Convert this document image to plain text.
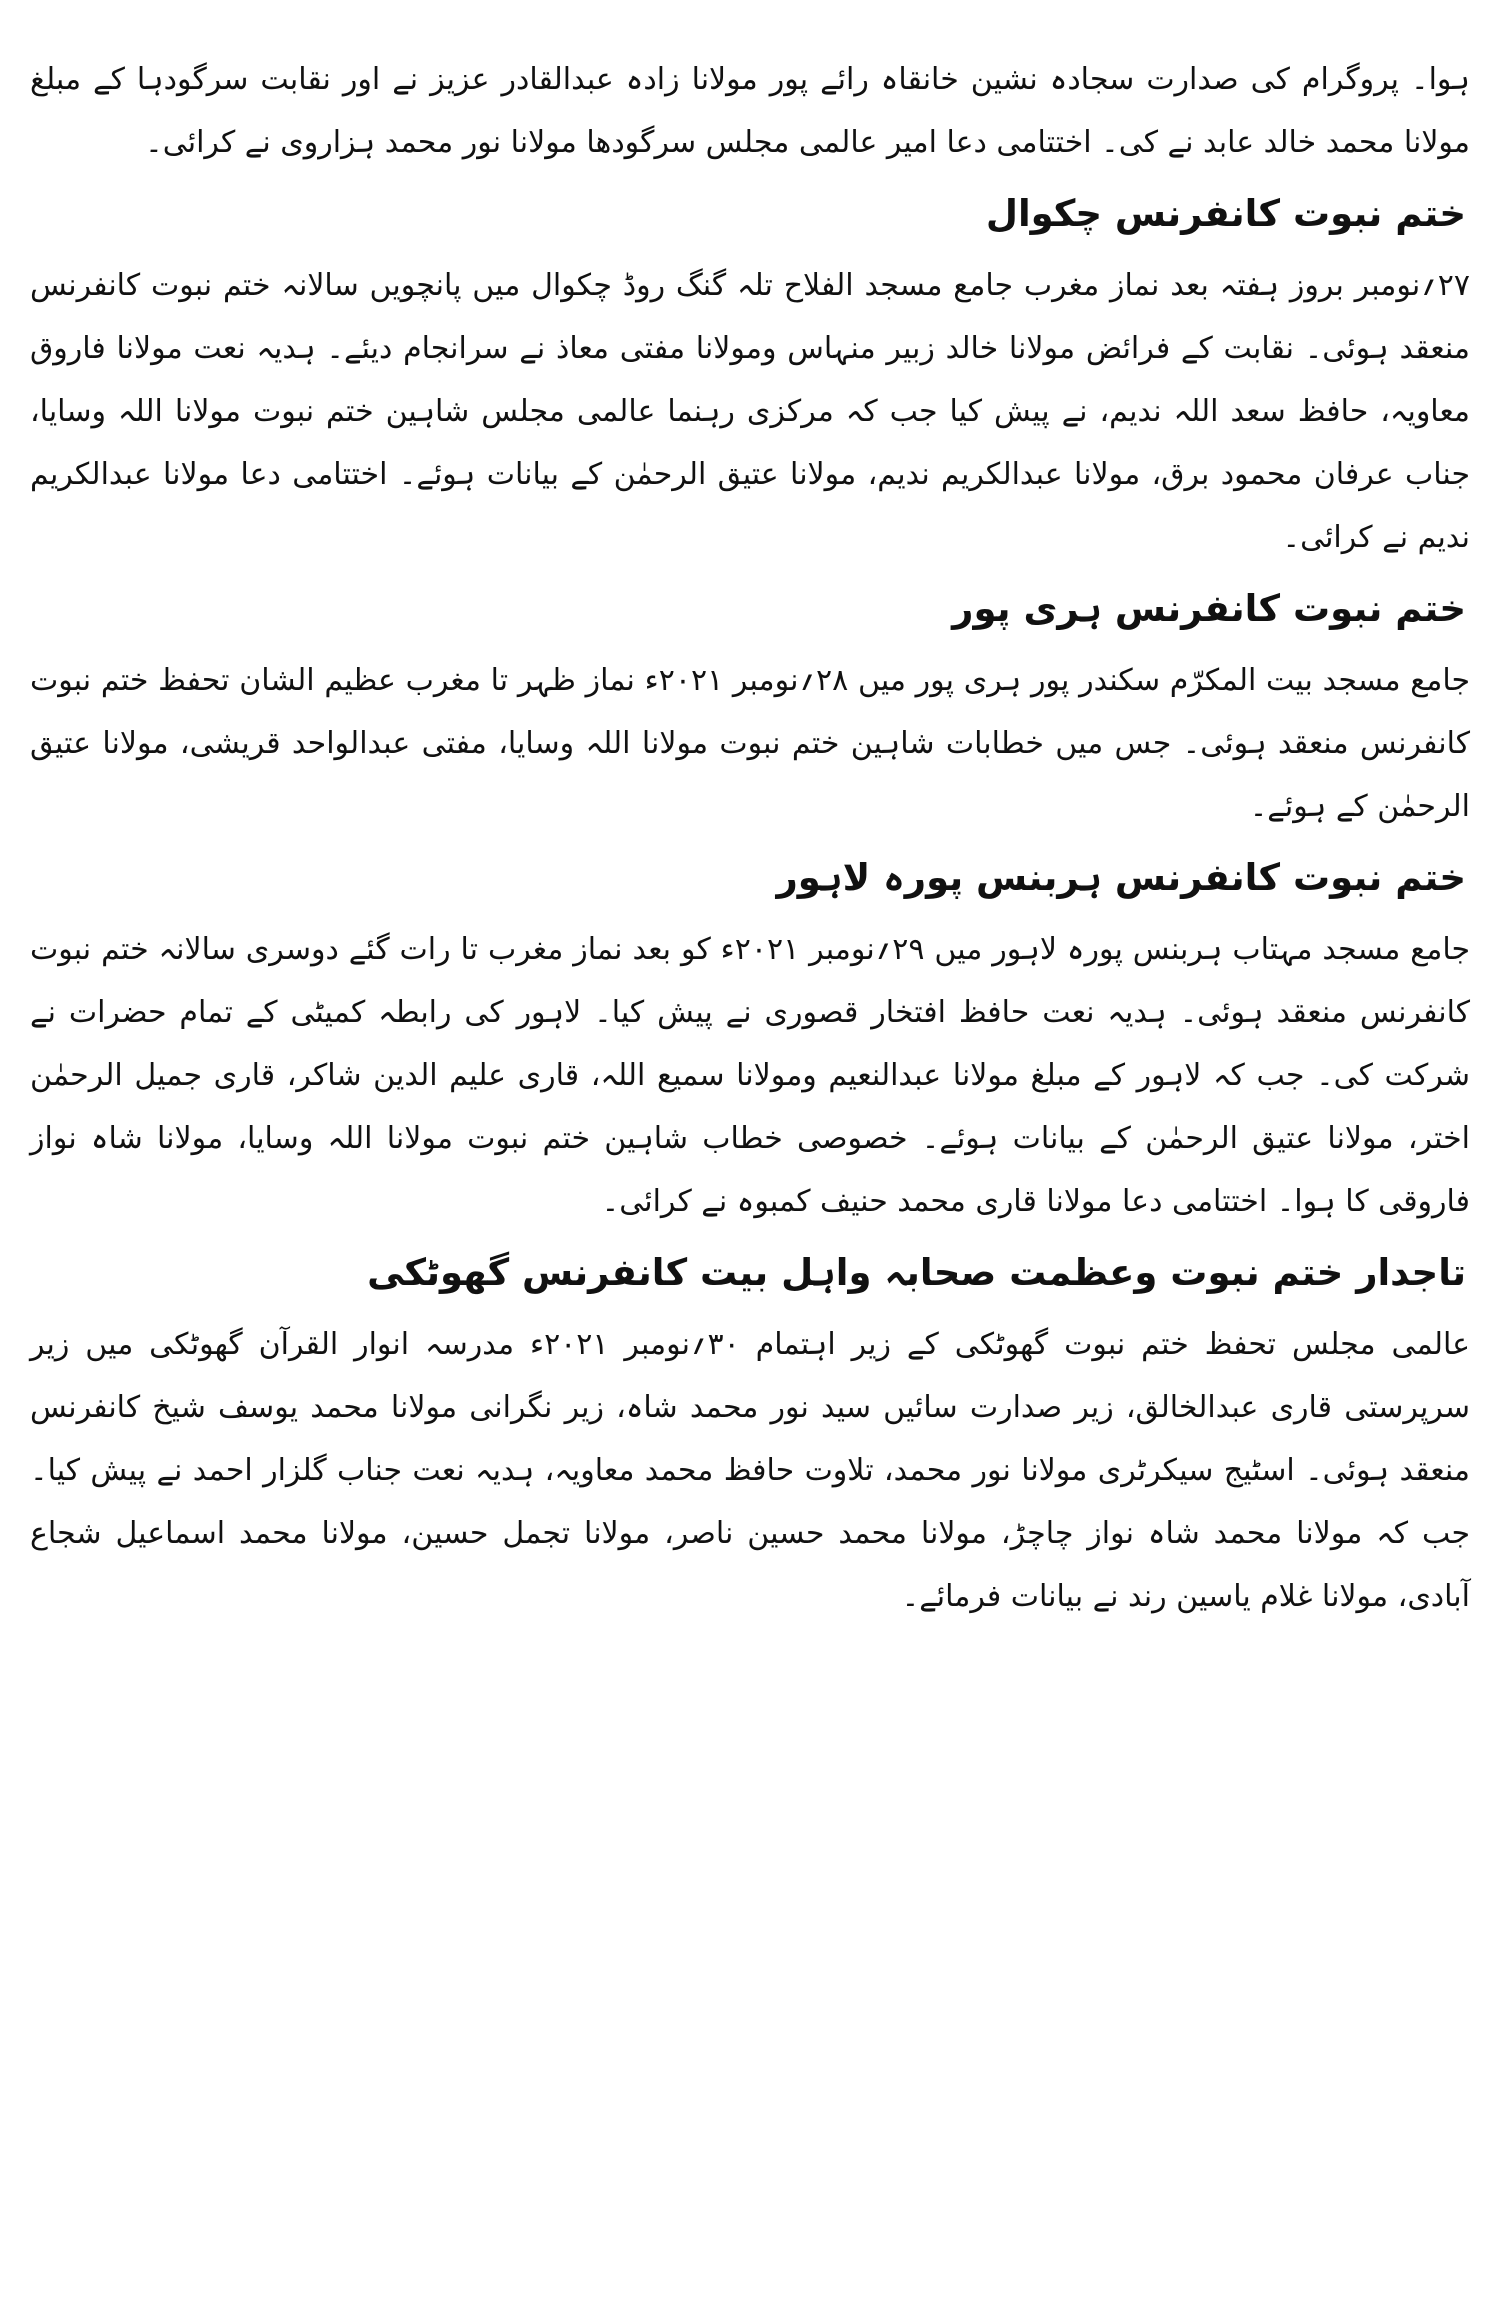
ہوا۔ پروگرام کی صدارت سجادہ نشین خانقاہ رائے پور مولانا زادہ عبدالقادر عزیز نے اور نقابت سرگودہا کے مبلغ مولانا محمد خالد عابد نے کی۔ اختتامی دعا امیر عالمی مجلس سرگودھا مولانا نور محمد ہزاروی نے کرائی۔

ختم نبوت کانفرنس چکوال

۲۷؍نومبر بروز ہفتہ بعد نماز مغرب جامع مسجد الفلاح تلہ گنگ روڈ چکوال میں پانچویں سالانہ ختم نبوت کانفرنس منعقد ہوئی۔ نقابت کے فرائض مولانا خالد زبیر منہاس ومولانا مفتی معاذ نے سرانجام دیئے۔ ہدیہ نعت مولانا فاروق معاویہ، حافظ سعد اللہ ندیم، نے پیش کیا جب کہ مرکزی رہنما عالمی مجلس شاہین ختم نبوت مولانا اللہ وسایا، جناب عرفان محمود برق، مولانا عبدالکریم ندیم، مولانا عتیق الرحمٰن کے بیانات ہوئے۔ اختتامی دعا مولانا عبدالکریم ندیم نے کرائی۔

ختم نبوت کانفرنس ہری پور

جامع مسجد بیت المکرّم سکندر پور ہری پور میں ۲۸؍نومبر ۲۰۲۱ء نماز ظہر تا مغرب عظیم الشان تحفظ ختم نبوت کانفرنس منعقد ہوئی۔ جس میں خطابات شاہین ختم نبوت مولانا اللہ وسایا، مفتی عبدالواحد قریشی، مولانا عتیق الرحمٰن کے ہوئے۔

ختم نبوت کانفرنس ہربنس پورہ لاہور

جامع مسجد مہتاب ہربنس پورہ لاہور میں ۲۹؍نومبر ۲۰۲۱ء کو بعد نماز مغرب تا رات گئے دوسری سالانہ ختم نبوت کانفرنس منعقد ہوئی۔ ہدیہ نعت حافظ افتخار قصوری نے پیش کیا۔ لاہور کی رابطہ کمیٹی کے تمام حضرات نے شرکت کی۔ جب کہ لاہور کے مبلغ مولانا عبدالنعیم ومولانا سمیع اللہ، قاری علیم الدین شاکر، قاری جمیل الرحمٰن اختر، مولانا عتیق الرحمٰن کے بیانات ہوئے۔ خصوصی خطاب شاہین ختم نبوت مولانا اللہ وسایا، مولانا شاہ نواز فاروقی کا ہوا۔ اختتامی دعا مولانا قاری محمد حنیف کمبوہ نے کرائی۔

تاجدار ختم نبوت وعظمت صحابہ واہل بیت کانفرنس گھوٹکی

عالمی مجلس تحفظ ختم نبوت گھوٹکی کے زیر اہتمام ۳۰؍نومبر ۲۰۲۱ء مدرسہ انوار القرآن گھوٹکی میں زیر سرپرستی قاری عبدالخالق، زیر صدارت سائیں سید نور محمد شاہ، زیر نگرانی مولانا محمد یوسف شیخ کانفرنس منعقد ہوئی۔ اسٹیج سیکرٹری مولانا نور محمد، تلاوت حافظ محمد معاویہ، ہدیہ نعت جناب گلزار احمد نے پیش کیا۔ جب کہ مولانا محمد شاہ نواز چاچڑ، مولانا محمد حسین ناصر، مولانا تجمل حسین، مولانا محمد اسماعیل شجاع آبادی، مولانا غلام یاسین رند نے بیانات فرمائے۔
